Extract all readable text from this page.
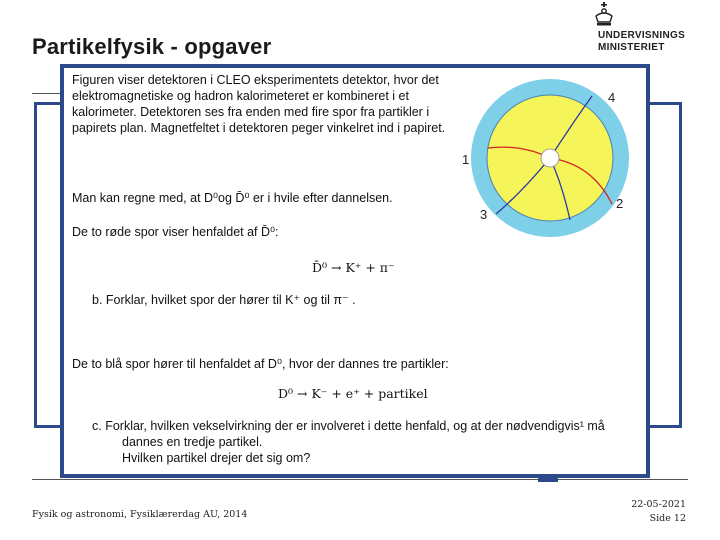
Partikelfysik - opgaver	UNDERVISNINGS
MINISTERIET
Figuren viser detektoren i CLEO eksperimentets detektor, hvor det elektromagnetiske og hadron kalorimeteret er kombineret i et kalorimeter. Detektoren ses fra enden med fire spor fra partikler i papirets plan. Magnetfeltet i detektoren peger vinkelret ind i papiret.
Man kan regne med, at D⁰og D̄⁰ er i hvile efter dannelsen.
De to røde spor viser henfaldet af D̄⁰:
D̄⁰ → K⁺ + π⁻
b. Forklar, hvilket spor der hører til K⁺ og til π⁻ .
De to blå spor hører til henfaldet af D⁰, hvor der dannes tre partikler:
D⁰ → K⁻ + e⁺ + partikel
c. Forklar, hvilken vekselvirkning der er involveret i dette henfald, og at der nødvendigvis¹ må
dannes en tredje partikel.
Hvilken partikel drejer det sig om?
1
2
3
4
Fysik og astronomi, Fysiklærerdag AU, 2014
22-05-2021
Side 12
